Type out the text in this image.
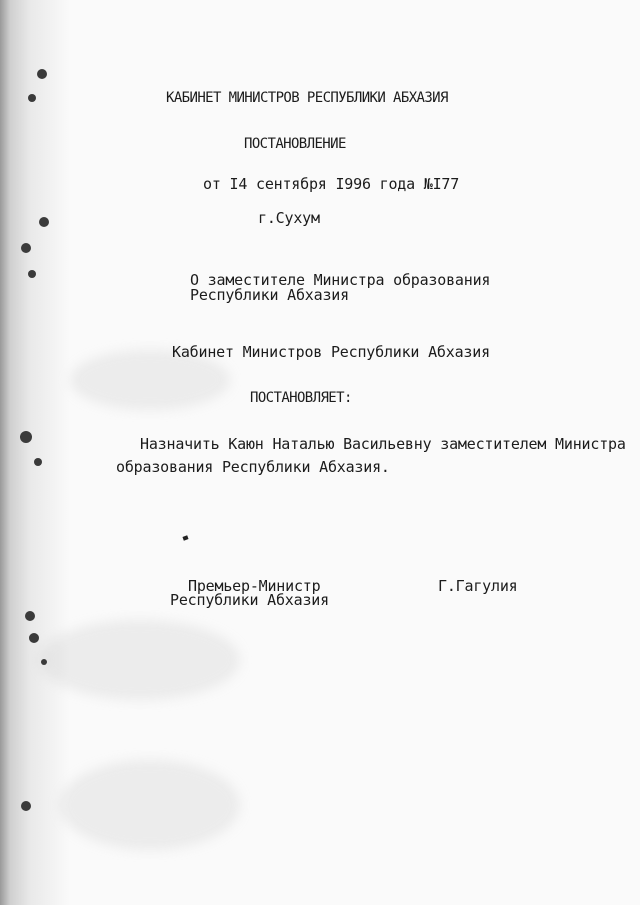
КАБИНЕТ МИНИСТРОВ РЕСПУБЛИКИ АБХАЗИЯ
ПОСТАНОВЛЕНИЕ
от I4 сентября I996 года №I77
г.Сухум
О заместителе Министра образования
Республики Абхазия
Кабинет Министров Республики Абхазия
ПОСТАНОВЛЯЕТ:
Назначить Каюн Наталью Васильевну заместителем Министра
образования Республики Абхазия.
Премьер-Министр
Республики Абхазия
Г.Гагулия
